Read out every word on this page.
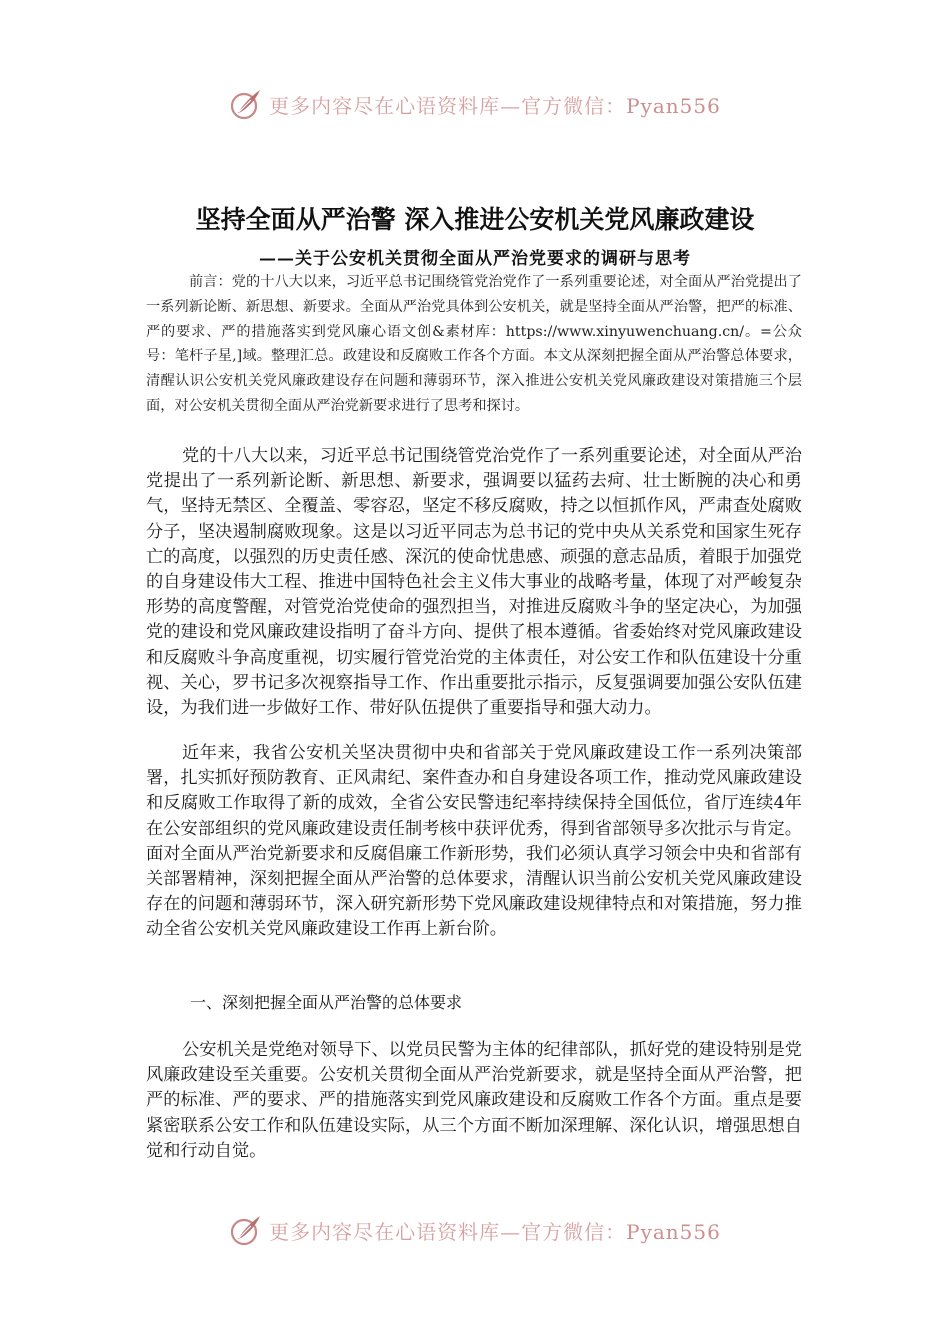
更多内容尽在心语资料库—官方微信：Pyan556
坚持全面从严治警 深入推进公安机关党风廉政建设
——关于公安机关贯彻全面从严治党要求的调研与思考

前言：党的十八大以来，习近平总书记围绕管党治党作了一系列重要论述，对全面从严治党提出了一系列新论断、新思想、新要求。全面从严治党具体到公安机关，就是坚持全面从严治警，把严的标准、严的要求、严的措施落实到党风廉心语文创&素材库：https://www.xinyuwenchuang.cn/。=公众号：笔杆子星,]域。整理汇总。政建设和反腐败工作各个方面。本文从深刻把握全面从严治警总体要求，清醒认识公安机关党风廉政建设存在问题和薄弱环节，深入推进公安机关党风廉政建设对策措施三个层面，对公安机关贯彻全面从严治党新要求进行了思考和探讨。

党的十八大以来，习近平总书记围绕管党治党作了一系列重要论述，对全面从严治党提出了一系列新论断、新思想、新要求，强调要以猛药去疴、壮士断腕的决心和勇气，坚持无禁区、全覆盖、零容忍，坚定不移反腐败，持之以恒抓作风，严肃查处腐败分子，坚决遏制腐败现象。这是以习近平同志为总书记的党中央从关系党和国家生死存亡的高度，以强烈的历史责任感、深沉的使命忧患感、顽强的意志品质，着眼于加强党的自身建设伟大工程、推进中国特色社会主义伟大事业的战略考量，体现了对严峻复杂形势的高度警醒，对管党治党使命的强烈担当，对推进反腐败斗争的坚定决心，为加强党的建设和党风廉政建设指明了奋斗方向、提供了根本遵循。省委始终对党风廉政建设和反腐败斗争高度重视，切实履行管党治党的主体责任，对公安工作和队伍建设十分重视、关心，罗书记多次视察指导工作、作出重要批示指示，反复强调要加强公安队伍建设，为我们进一步做好工作、带好队伍提供了重要指导和强大动力。

近年来，我省公安机关坚决贯彻中央和省部关于党风廉政建设工作一系列决策部署，扎实抓好预防教育、正风肃纪、案件查办和自身建设各项工作，推动党风廉政建设和反腐败工作取得了新的成效，全省公安民警违纪率持续保持全国低位，省厅连续4年在公安部组织的党风廉政建设责任制考核中获评优秀，得到省部领导多次批示与肯定。面对全面从严治党新要求和反腐倡廉工作新形势，我们必须认真学习领会中央和省部有关部署精神，深刻把握全面从严治警的总体要求，清醒认识当前公安机关党风廉政建设存在的问题和薄弱环节，深入研究新形势下党风廉政建设规律特点和对策措施，努力推动全省公安机关党风廉政建设工作再上新台阶。

一、深刻把握全面从严治警的总体要求

公安机关是党绝对领导下、以党员民警为主体的纪律部队，抓好党的建设特别是党风廉政建设至关重要。公安机关贯彻全面从严治党新要求，就是坚持全面从严治警，把严的标准、严的要求、严的措施落实到党风廉政建设和反腐败工作各个方面。重点是要紧密联系公安工作和队伍建设实际，从三个方面不断加深理解、深化认识，增强思想自觉和行动自觉。

更多内容尽在心语资料库—官方微信：Pyan556
